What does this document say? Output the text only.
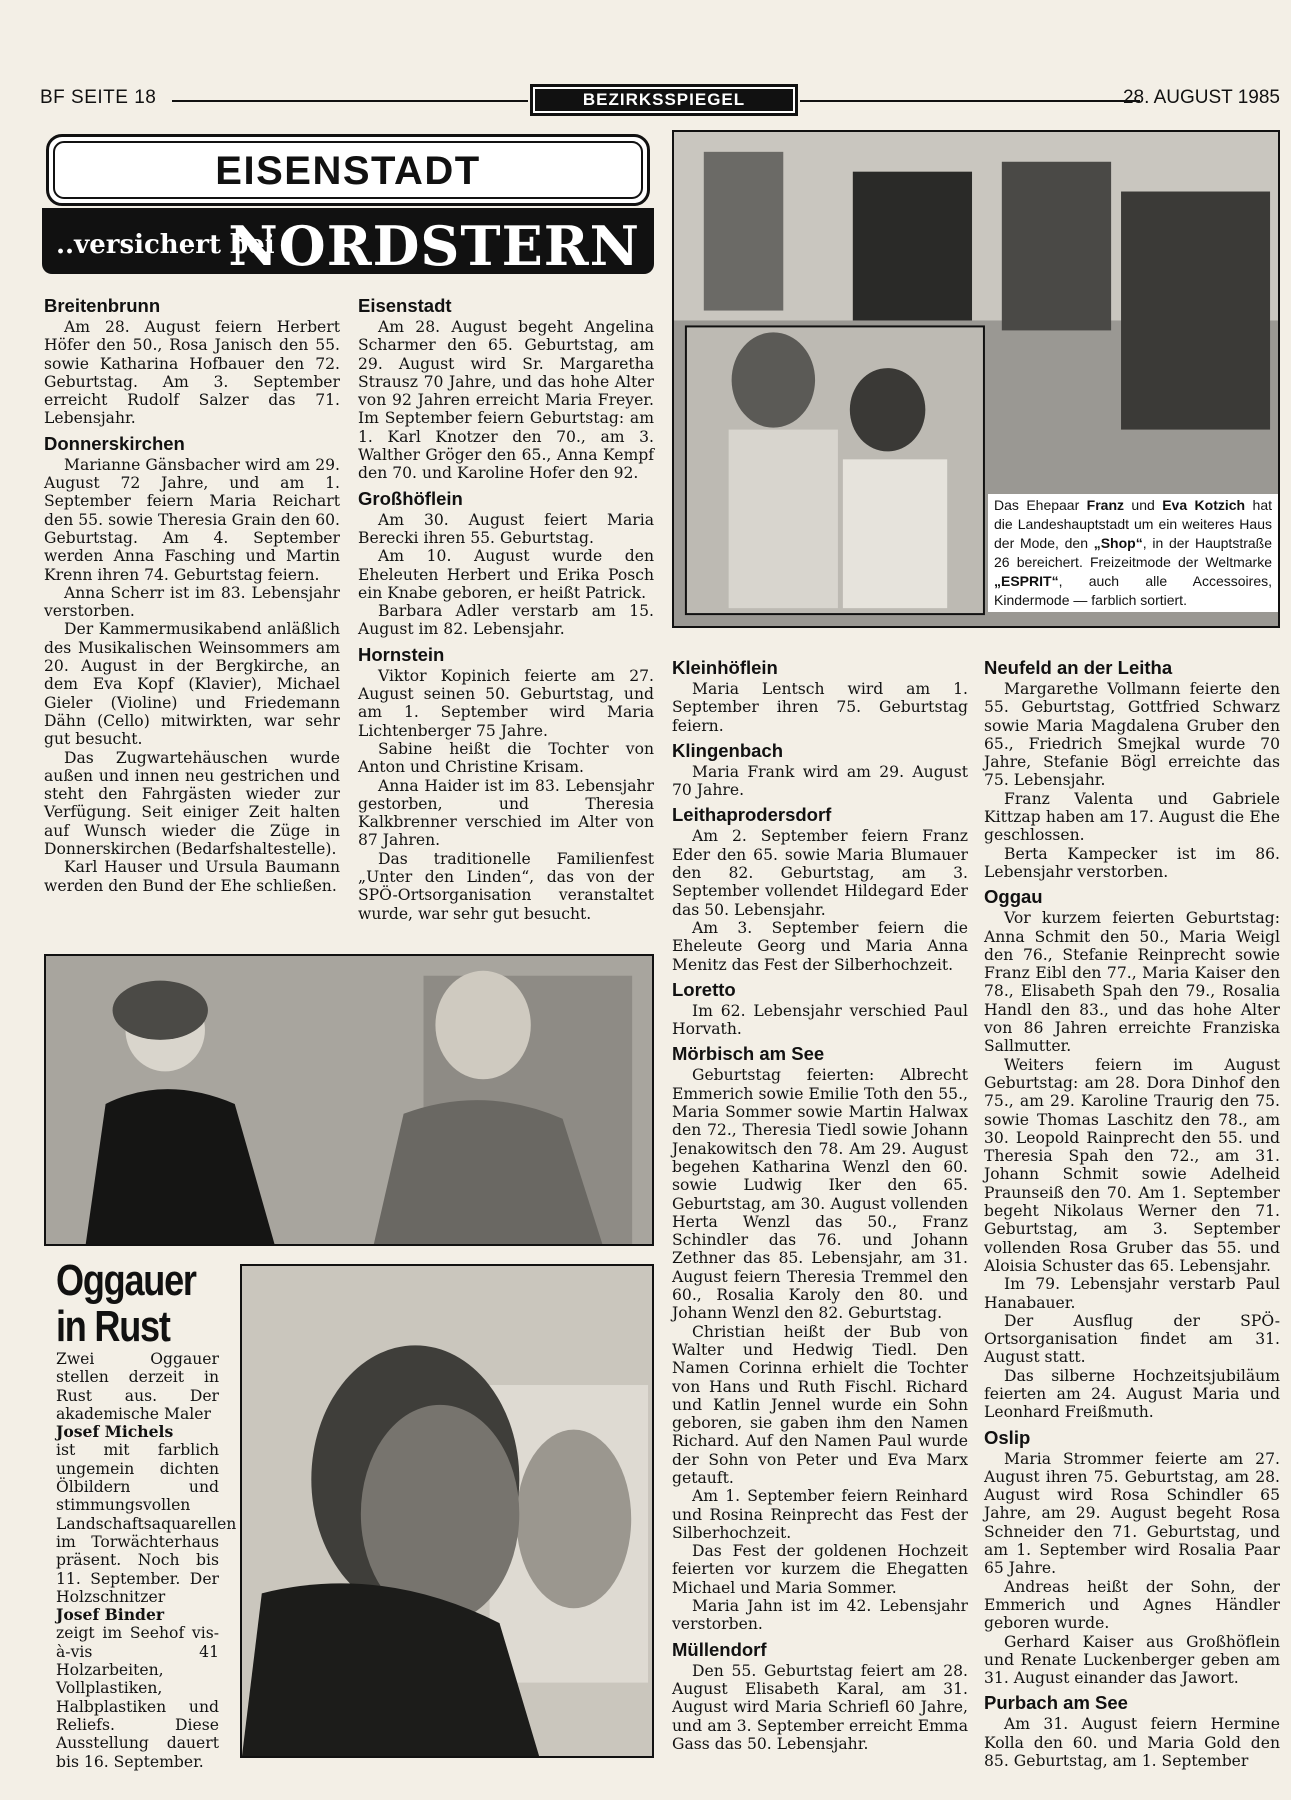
BF SEITE 18	BEZIRKSSPIEGEL	28. AUGUST 1985
EISENSTADT
..versichert bei
NORDSTERN
Breitenbrunn

Am 28. August feiern Herbert Höfer den 50., Rosa Janisch den 55. sowie Katharina Hofbauer den 72. Geburtstag. Am 3. September erreicht Rudolf Salzer das 71. Lebensjahr.

Donnerskirchen

Marianne Gänsbacher wird am 29. August 72 Jahre, und am 1. September feiern Maria Reichart den 55. sowie Theresia Grain den 60. Geburtstag. Am 4. September werden Anna Fasching und Martin Krenn ihren 74. Geburtstag feiern.

Anna Scherr ist im 83. Lebensjahr verstorben.

Der Kammermusikabend anläßlich des Musikalischen Weinsommers am 20. August in der Bergkirche, an dem Eva Kopf (Klavier), Michael Gieler (Violine) und Friedemann Dähn (Cello) mitwirkten, war sehr gut besucht.

Das Zugwartehäuschen wurde außen und innen neu gestrichen und steht den Fahrgästen wieder zur Verfügung. Seit einiger Zeit halten auf Wunsch wieder die Züge in Donnerskirchen (Bedarfshaltestelle).

Karl Hauser und Ursula Baumann werden den Bund der Ehe schließen.

Eisenstadt

Am 28. August begeht Angelina Scharmer den 65. Geburtstag, am 29. August wird Sr. Margaretha Strausz 70 Jahre, und das hohe Alter von 92 Jahren erreicht Maria Freyer. Im September feiern Geburtstag: am 1. Karl Knotzer den 70., am 3. Walther Gröger den 65., Anna Kempf den 70. und Karoline Hofer den 92.

Großhöflein

Am 30. August feiert Maria Berecki ihren 55. Geburtstag.

Am 10. August wurde den Eheleuten Herbert und Erika Posch ein Knabe geboren, er heißt Patrick.

Barbara Adler verstarb am 15. August im 82. Lebensjahr.

Hornstein

Viktor Kopinich feierte am 27. August seinen 50. Geburtstag, und am 1. September wird Maria Lichtenberger 75 Jahre.

Sabine heißt die Tochter von Anton und Christine Krisam.

Anna Haider ist im 83. Lebensjahr gestorben, und Theresia Kalkbrenner verschied im Alter von 87 Jahren.

Das traditionelle Familienfest „Unter den Linden“, das von der SPÖ-Ortsorganisation veranstaltet wurde, war sehr gut besucht.

Das Ehepaar Franz und Eva Kotzich hat die Landeshauptstadt um ein weiteres Haus der Mode, den „Shop“, in der Hauptstraße 26 bereichert. Freizeitmode der Weltmarke „ESPRIT“, auch alle Accessoires, Kindermode — farblich sortiert.
Oggauer in Rust
Zwei Oggauer stellen derzeit in Rust aus. Der akademische Maler
Josef Michels
ist mit farblich ungemein dichten Ölbildern und stimmungsvollen Landschaftsaquarellen im Torwächterhaus präsent. Noch bis 11. September. Der Holzschnitzer
Josef Binder
zeigt im Seehof vis-à-vis 41 Holzarbeiten, Vollplastiken, Halbplastiken und Reliefs. Diese Ausstellung dauert bis 16. September.
Kleinhöflein

Maria Lentsch wird am 1. September ihren 75. Geburtstag feiern.

Klingenbach

Maria Frank wird am 29. August 70 Jahre.

Leithaprodersdorf

Am 2. September feiern Franz Eder den 65. sowie Maria Blumauer den 82. Geburtstag, am 3. September vollendet Hildegard Eder das 50. Lebensjahr.

Am 3. September feiern die Eheleute Georg und Maria Anna Menitz das Fest der Silberhochzeit.

Loretto

Im 62. Lebensjahr verschied Paul Horvath.

Mörbisch am See

Geburtstag feierten: Albrecht Emmerich sowie Emilie Toth den 55., Maria Sommer sowie Martin Halwax den 72., Theresia Tiedl sowie Johann Jenakowitsch den 78. Am 29. August begehen Katharina Wenzl den 60. sowie Ludwig Iker den 65. Geburtstag, am 30. August vollenden Herta Wenzl das 50., Franz Schindler das 76. und Johann Zethner das 85. Lebensjahr, am 31. August feiern Theresia Tremmel den 60., Rosalia Karoly den 80. und Johann Wenzl den 82. Geburtstag.

Christian heißt der Bub von Walter und Hedwig Tiedl. Den Namen Corinna erhielt die Tochter von Hans und Ruth Fischl. Richard und Katlin Jennel wurde ein Sohn geboren, sie gaben ihm den Namen Richard. Auf den Namen Paul wurde der Sohn von Peter und Eva Marx getauft.

Am 1. September feiern Reinhard und Rosina Reinprecht das Fest der Silberhochzeit.

Das Fest der goldenen Hochzeit feierten vor kurzem die Ehegatten Michael und Maria Sommer.

Maria Jahn ist im 42. Lebensjahr verstorben.

Müllendorf

Den 55. Geburtstag feiert am 28. August Elisabeth Karal, am 31. August wird Maria Schriefl 60 Jahre, und am 3. September erreicht Emma Gass das 50. Lebensjahr.

Neufeld an der Leitha

Margarethe Vollmann feierte den 55. Geburtstag, Gottfried Schwarz sowie Maria Magdalena Gruber den 65., Friedrich Smejkal wurde 70 Jahre, Stefanie Bögl erreichte das 75. Lebensjahr.

Franz Valenta und Gabriele Kittzap haben am 17. August die Ehe geschlossen.

Berta Kampecker ist im 86. Lebensjahr verstorben.

Oggau

Vor kurzem feierten Geburtstag: Anna Schmit den 50., Maria Weigl den 76., Stefanie Reinprecht sowie Franz Eibl den 77., Maria Kaiser den 78., Elisabeth Spah den 79., Rosalia Handl den 83., und das hohe Alter von 86 Jahren erreichte Franziska Sallmutter.

Weiters feiern im August Geburtstag: am 28. Dora Dinhof den 75., am 29. Karoline Traurig den 75. sowie Thomas Laschitz den 78., am 30. Leopold Rainprecht den 55. und Theresia Spah den 72., am 31. Johann Schmit sowie Adelheid Praunseiß den 70. Am 1. September begeht Nikolaus Werner den 71. Geburtstag, am 3. September vollenden Rosa Gruber das 55. und Aloisia Schuster das 65. Lebensjahr.

Im 79. Lebensjahr verstarb Paul Hanabauer.

Der Ausflug der SPÖ-Ortsorganisation findet am 31. August statt.

Das silberne Hochzeitsjubiläum feierten am 24. August Maria und Leonhard Freißmuth.

Oslip

Maria Strommer feierte am 27. August ihren 75. Geburtstag, am 28. August wird Rosa Schindler 65 Jahre, am 29. August begeht Rosa Schneider den 71. Geburtstag, und am 1. September wird Rosalia Paar 65 Jahre.

Andreas heißt der Sohn, der Emmerich und Agnes Händler geboren wurde.

Gerhard Kaiser aus Großhöflein und Renate Luckenberger geben am 31. August einander das Jawort.

Purbach am See

Am 31. August feiern Hermine Kolla den 60. und Maria Gold den 85. Geburtstag, am 1. September
